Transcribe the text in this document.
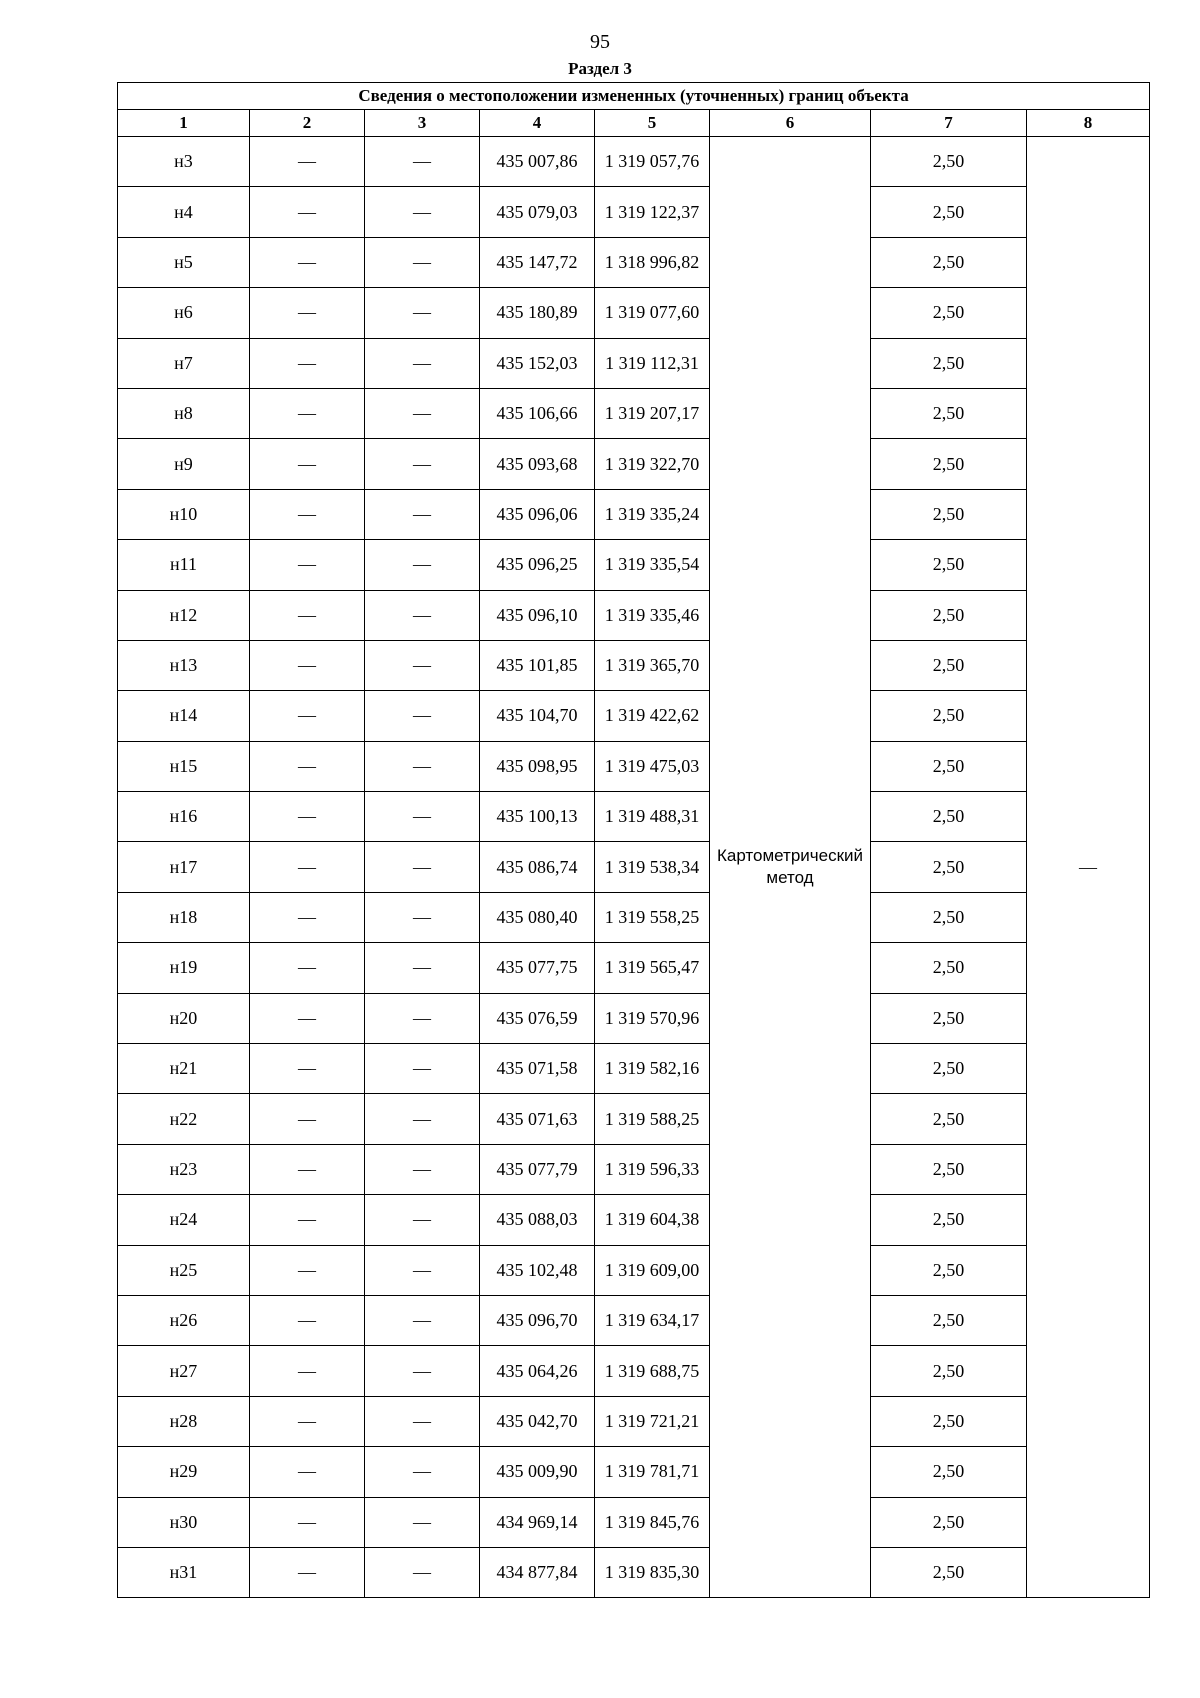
95
Раздел 3
Сведения о местоположении измененных (уточненных) границ объекта							
1	2	3	4	5	6	7	8
н3	—	—	435 007,86	1 319 057,76	Картометрический метод	2,50	—
н4	—	—	435 079,03	1 319 122,37		2,50	
н5	—	—	435 147,72	1 318 996,82		2,50	
н6	—	—	435 180,89	1 319 077,60		2,50	
н7	—	—	435 152,03	1 319 112,31		2,50	
н8	—	—	435 106,66	1 319 207,17		2,50	
н9	—	—	435 093,68	1 319 322,70		2,50	
н10	—	—	435 096,06	1 319 335,24		2,50	
н11	—	—	435 096,25	1 319 335,54		2,50	
н12	—	—	435 096,10	1 319 335,46		2,50	
н13	—	—	435 101,85	1 319 365,70		2,50	
н14	—	—	435 104,70	1 319 422,62		2,50	
н15	—	—	435 098,95	1 319 475,03		2,50	
н16	—	—	435 100,13	1 319 488,31		2,50	
н17	—	—	435 086,74	1 319 538,34		2,50	
н18	—	—	435 080,40	1 319 558,25		2,50	
н19	—	—	435 077,75	1 319 565,47		2,50	
н20	—	—	435 076,59	1 319 570,96		2,50	
н21	—	—	435 071,58	1 319 582,16		2,50	
н22	—	—	435 071,63	1 319 588,25		2,50	
н23	—	—	435 077,79	1 319 596,33		2,50	
н24	—	—	435 088,03	1 319 604,38		2,50	
н25	—	—	435 102,48	1 319 609,00		2,50	
н26	—	—	435 096,70	1 319 634,17		2,50	
н27	—	—	435 064,26	1 319 688,75		2,50	
н28	—	—	435 042,70	1 319 721,21		2,50	
н29	—	—	435 009,90	1 319 781,71		2,50	
н30	—	—	434 969,14	1 319 845,76		2,50	
н31	—	—	434 877,84	1 319 835,30		2,50	
